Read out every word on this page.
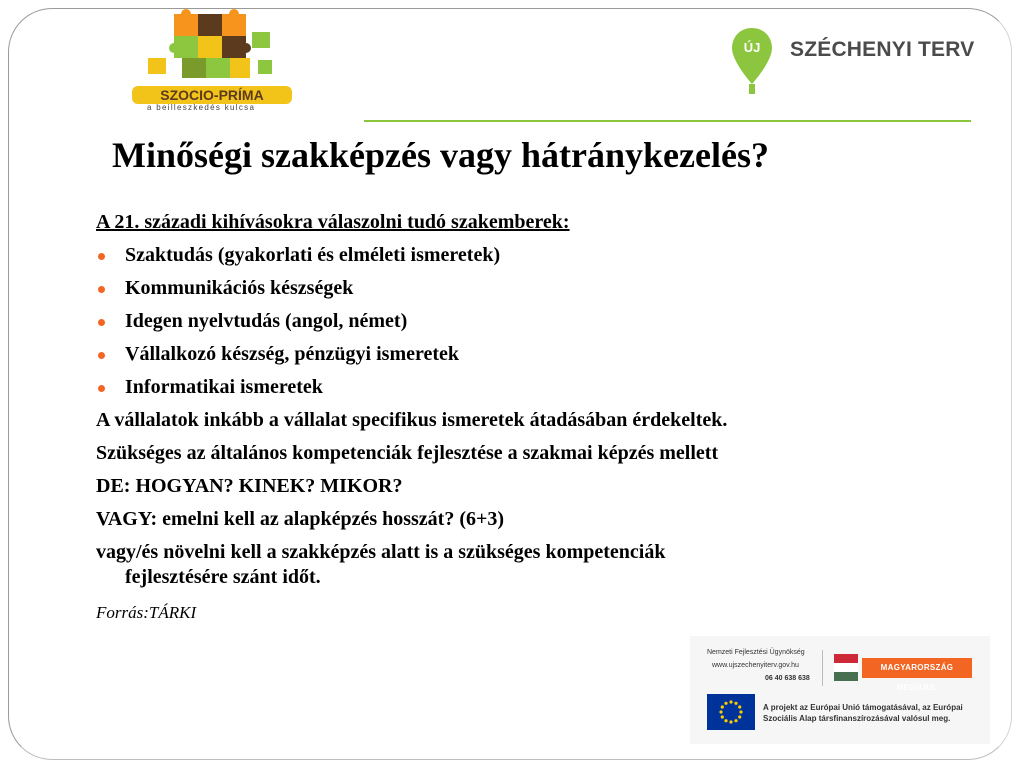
SZOCIO-PRÍMA
a beilleszkedés kulcsa
ÚJ SZÉCHENYI TERV
Minőségi szakképzés vagy hátránykezelés?
A 21. századi kihívásokra válaszolni tudó szakemberek:
Szaktudás (gyakorlati és elméleti ismeretek)
Kommunikációs készségek
Idegen nyelvtudás (angol, német)
Vállalkozó készség, pénzügyi ismeretek
Informatikai ismeretek
A vállalatok inkább a vállalat specifikus ismeretek átadásában érdekeltek.
Szükséges az általános kompetenciák fejlesztése a szakmai képzés mellett
DE: HOGYAN? KINEK? MIKOR?
VAGY: emelni kell az alapképzés hosszát? (6+3)
vagy/és növelni kell a szakképzés alatt is a szükséges kompetenciák
fejlesztésére szánt időt.
Forrás:TÁRKI
Nemzeti Fejlesztési Ügynökség
www.ujszechenyiterv.gov.hu
06 40 638 638
MAGYARORSZÁG MEGÚJUL
A projekt az Európai Unió támogatásával, az Európai
Szociális Alap társfinanszírozásával valósul meg.
